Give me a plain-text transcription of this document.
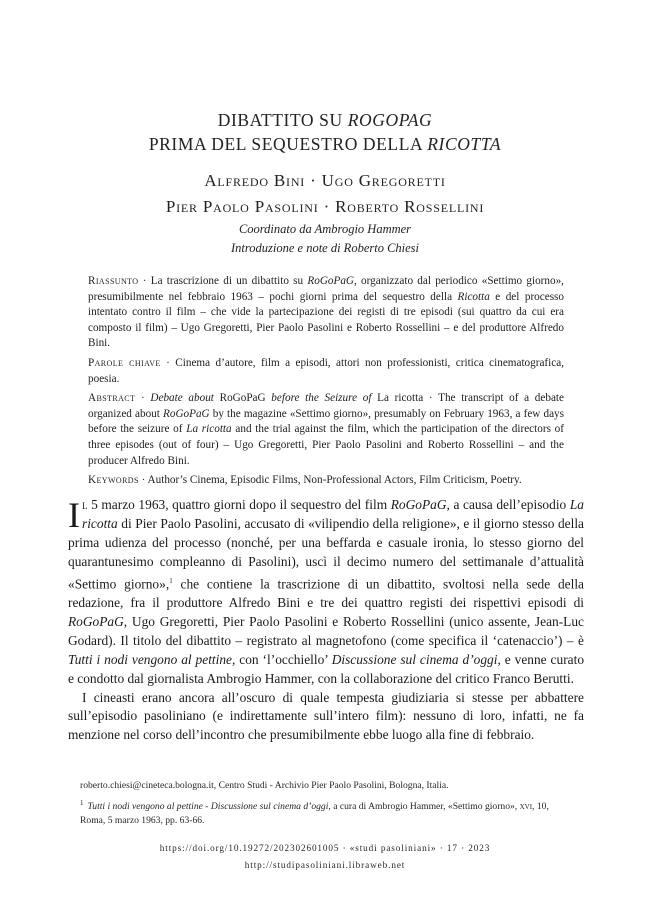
DIBATTITO SU ROGOPAG
PRIMA DEL SEQUESTRO DELLA RICOTTA
Alfredo Bini · Ugo Gregoretti
Pier Paolo Pasolini · Roberto Rossellini
Coordinato da Ambrogio Hammer
Introduzione e note di Roberto Chiesi

Riassunto · La trascrizione di un dibattito su RoGoPaG, organizzato dal periodico «Settimo giorno», presumibilmente nel febbraio 1963 – pochi giorni prima del sequestro della Ricotta e del processo intentato contro il film – che vide la partecipazione dei registi di tre episodi (sui quattro da cui era composto il film) – Ugo Gregoretti, Pier Paolo Pasolini e Roberto Rossellini – e del produttore Alfredo Bini.

Parole chiave · Cinema d’autore, film a episodi, attori non professionisti, critica cinematografica, poesia.

Abstract · Debate about RoGoPaG before the Seizure of La ricotta · The transcript of a debate organized about RoGoPaG by the magazine «Settimo giorno», presumably on February 1963, a few days before the seizure of La ricotta and the trial against the film, which the participation of the directors of three episodes (out of four) – Ugo Gregoretti, Pier Paolo Pasolini and Roberto Rossellini – and the producer Alfredo Bini.

Keywords · Author’s Cinema, Episodic Films, Non-Professional Actors, Film Criticism, Poetry.

Il 5 marzo 1963, quattro giorni dopo il sequestro del film RoGoPaG, a causa dell’episodio La ricotta di Pier Paolo Pasolini, accusato di «vilipendio della religione», e il giorno stesso della prima udienza del processo (nonché, per una beffarda e casuale ironia, lo stesso giorno del quarantunesimo compleanno di Pasolini), uscì il decimo numero del settimanale d’attualità «Settimo giorno»,$^1$ che contiene la trascrizione di un dibattito, svoltosi nella sede della redazione, fra il produttore Alfredo Bini e tre dei quattro registi dei rispettivi episodi di RoGoPaG, Ugo Gregoretti, Pier Paolo Pasolini e Roberto Rossellini (unico assente, Jean-Luc Godard). Il titolo del dibattito – registrato al magnetofono (come specifica il ‘catenaccio’) – è Tutti i nodi vengono al pettine, con ‘l’occhiello’ Discussione sul cinema d’oggi, e venne curato e condotto dal giornalista Ambrogio Hammer, con la collaborazione del critico Franco Berutti.

I cineasti erano ancora all’oscuro di quale tempesta giudiziaria si stesse per abbattere sull’episodio pasoliniano (e indirettamente sull’intero film): nessuno di loro, infatti, ne fa menzione nel corso dell’incontro che presumibilmente ebbe luogo alla fine di febbraio.

roberto.chiesi@cineteca.bologna.it, Centro Studi - Archivio Pier Paolo Pasolini, Bologna, Italia.

$^1$ Tutti i nodi vengono al pettine - Discussione sul cinema d’oggi, a cura di Ambrogio Hammer, «Settimo giorno», xvi, 10, Roma, 5 marzo 1963, pp. 63-66.

https://doi.org/10.19272/202302601005 · «studi pasoliniani» · 17 · 2023
http://studipasoliniani.libraweb.net
